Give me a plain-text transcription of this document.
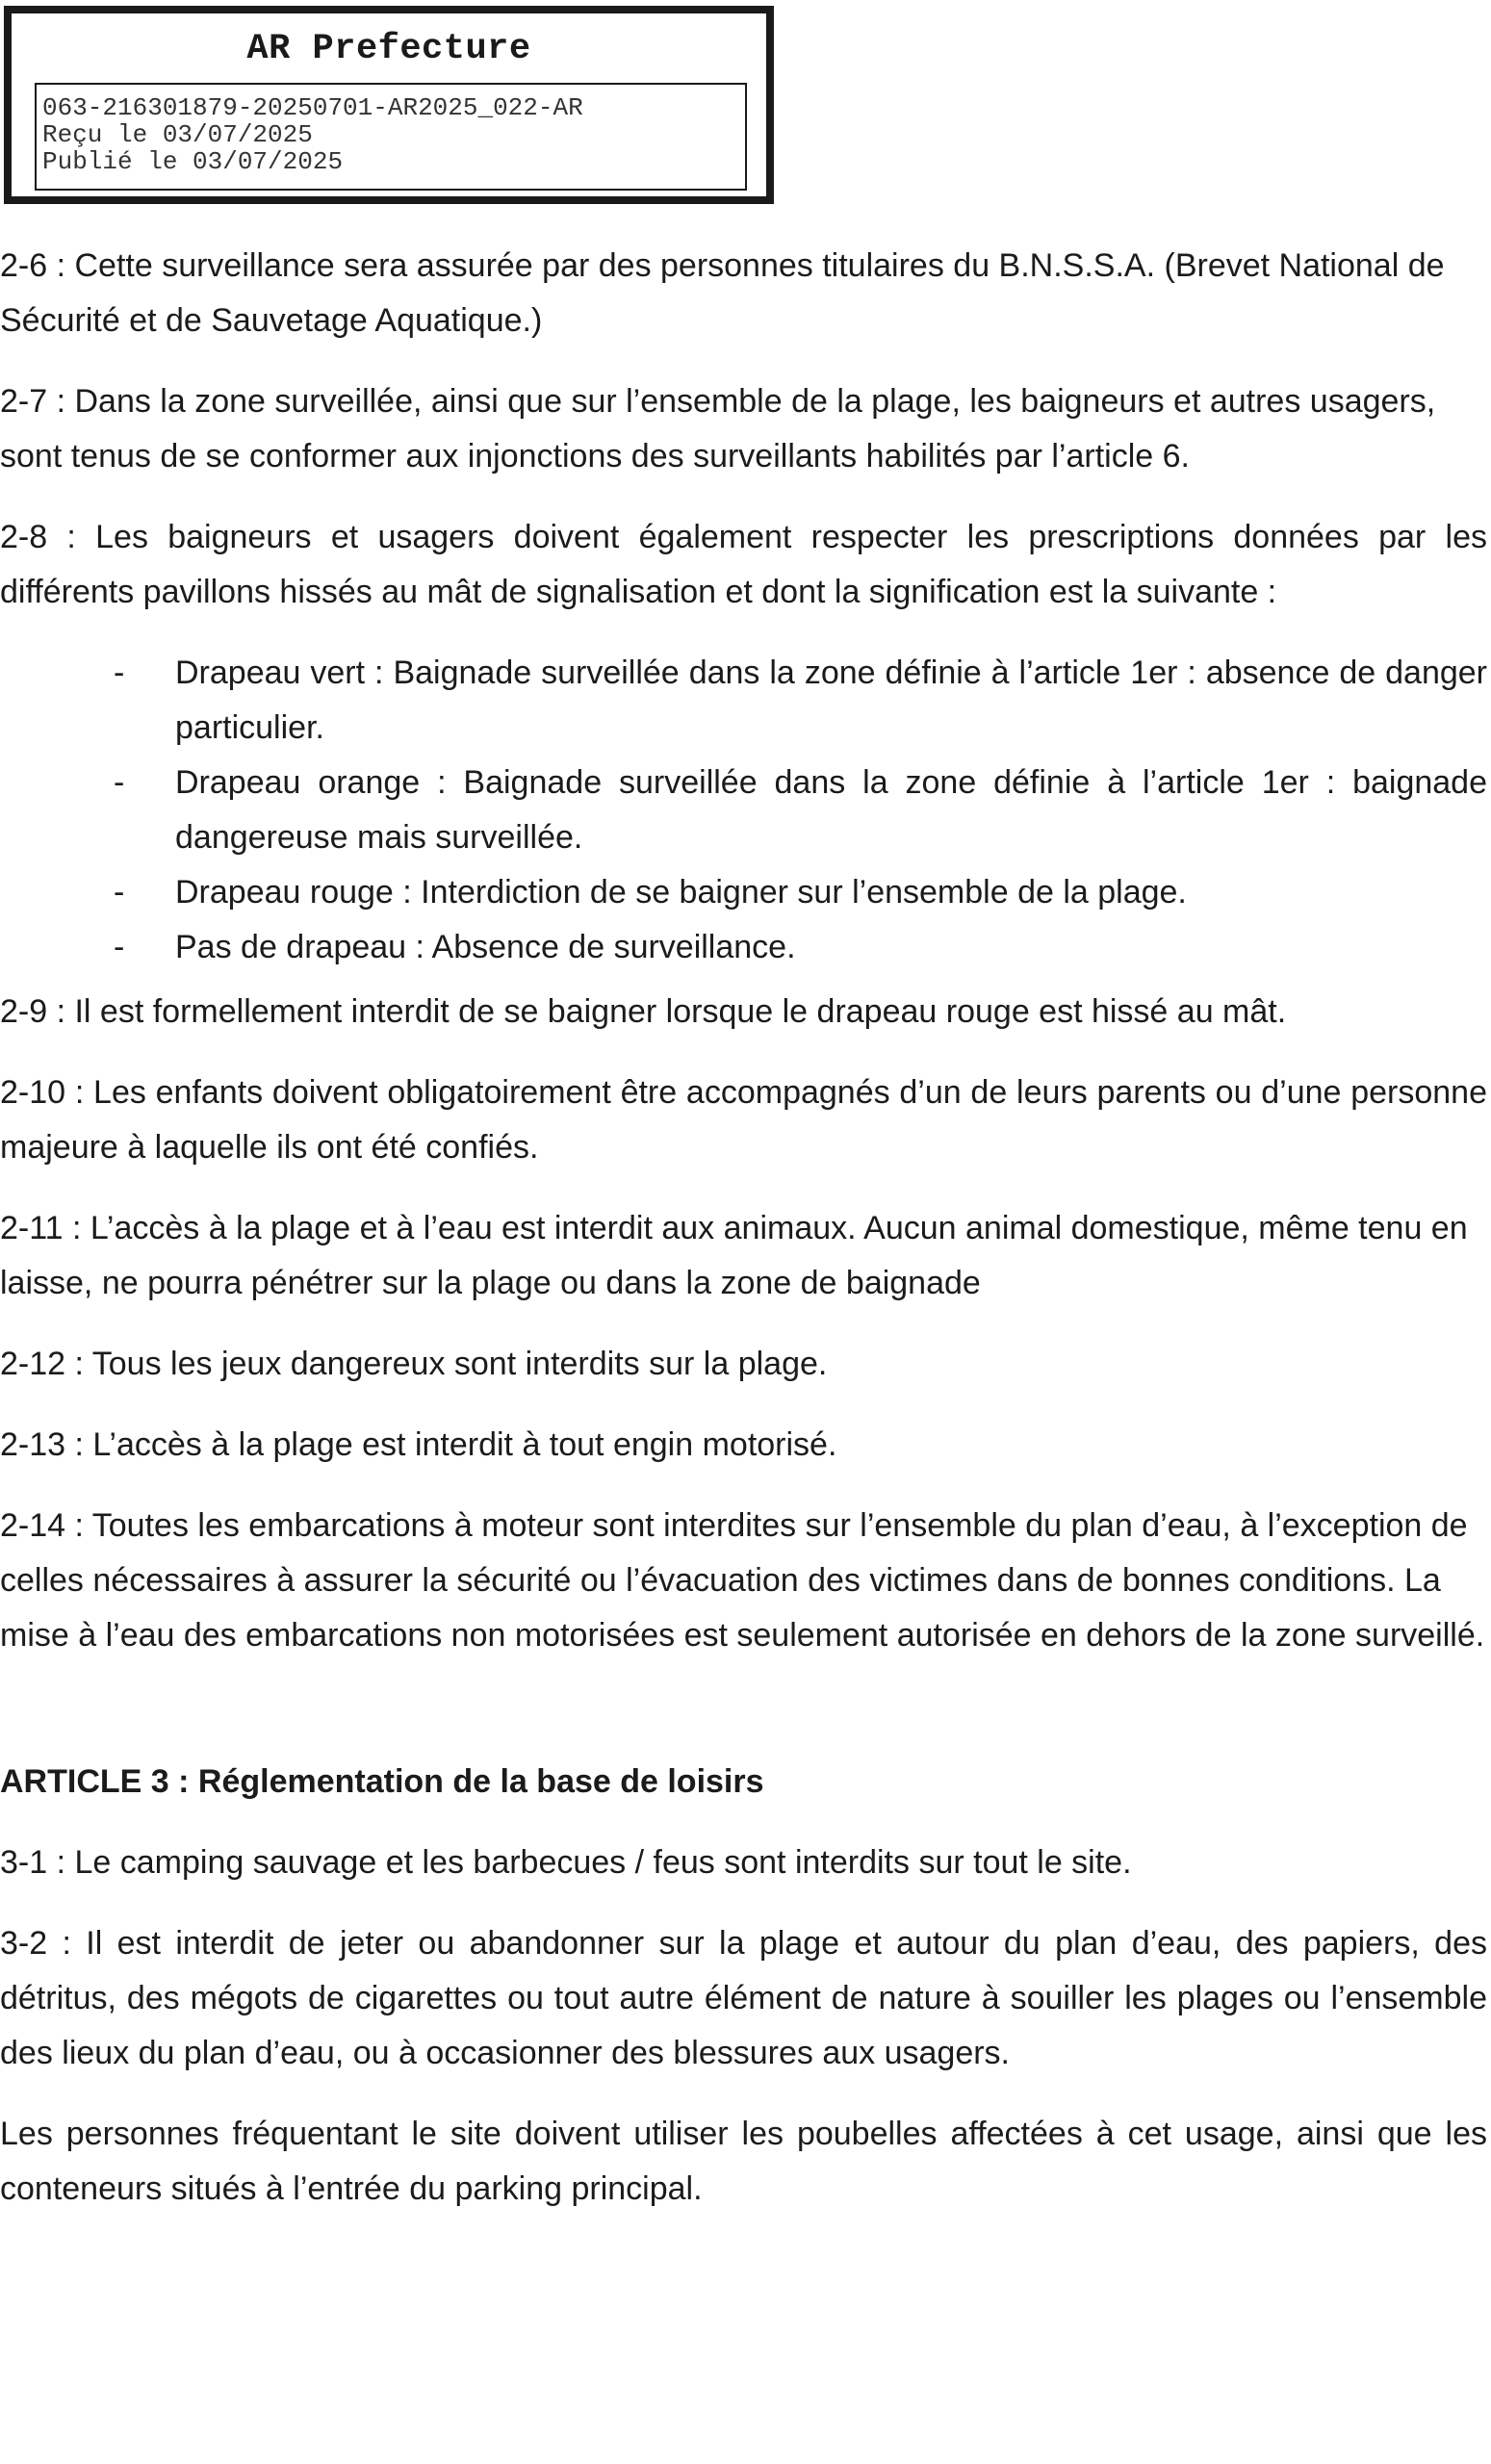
AR Prefecture
063-216301879-20250701-AR2025_022-AR
Reçu le 03/07/2025
Publié le 03/07/2025

2-6 : Cette surveillance sera assurée par des personnes titulaires du B.N.S.S.A. (Brevet National de Sécurité et de Sauvetage Aquatique.)

2-7 : Dans la zone surveillée, ainsi que sur l’ensemble de la plage, les baigneurs et autres usagers, sont tenus de se conformer aux injonctions des surveillants habilités par l’article 6.

2-8 : Les baigneurs et usagers doivent également respecter les prescriptions données par les différents pavillons hissés au mât de signalisation et dont la signification est la suivante :

- Drapeau vert : Baignade surveillée dans la zone définie à l’article 1er : absence de danger particulier.
- Drapeau orange : Baignade surveillée dans la zone définie à l’article 1er : baignade dangereuse mais surveillée.
- Drapeau rouge : Interdiction de se baigner sur l’ensemble de la plage.
- Pas de drapeau : Absence de surveillance.

2-9 : Il est formellement interdit de se baigner lorsque le drapeau rouge est hissé au mât.

2-10 : Les enfants doivent obligatoirement être accompagnés d’un de leurs parents ou d’une personne majeure à laquelle ils ont été confiés.

2-11 : L’accès à la plage et à l’eau est interdit aux animaux. Aucun animal domestique, même tenu en laisse, ne pourra pénétrer sur la plage ou dans la zone de baignade

2-12 : Tous les jeux dangereux sont interdits sur la plage.

2-13 : L’accès à la plage est interdit à tout engin motorisé.

2-14 : Toutes les embarcations à moteur sont interdites sur l’ensemble du plan d’eau, à l’exception de celles nécessaires à assurer la sécurité ou l’évacuation des victimes dans de bonnes conditions. La mise à l’eau des embarcations non motorisées est seulement autorisée en dehors de la zone surveillé.

ARTICLE 3 : Réglementation de la base de loisirs

3-1 : Le camping sauvage et les barbecues / feus sont interdits sur tout le site.

3-2 : Il est interdit de jeter ou abandonner sur la plage et autour du plan d’eau, des papiers, des détritus, des mégots de cigarettes ou tout autre élément de nature à souiller les plages ou l’ensemble des lieux du plan d’eau, ou à occasionner des blessures aux usagers.

Les personnes fréquentant le site doivent utiliser les poubelles affectées à cet usage, ainsi que les conteneurs situés à l’entrée du parking principal.
